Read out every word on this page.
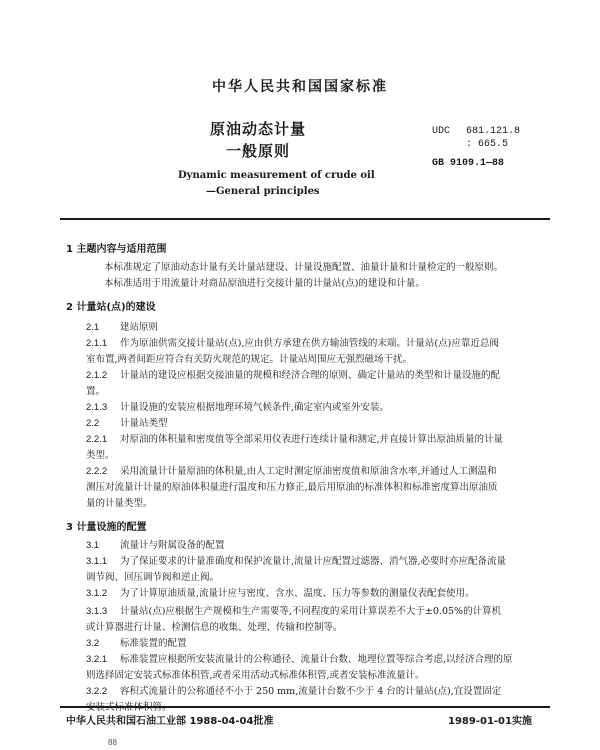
中华人民共和国国家标准
原油动态计量
一般原则
Dynamic measurement of crude oil
—General principles
UDC 681.121.8
: 665.5
GB 9109.1—88
1 主题内容与适用范围
本标准规定了原油动态计量有关计量站建设、计量设施配置、油量计量和计量检定的一般原则。
本标准适用于用流量计对商品原油进行交接计量的计量站(点)的建设和计量。
2 计量站(点)的建设
2.1 建站原则
2.1.1 作为原油供需交接计量站(点),应由供方承建在供方输油管线的末端。计量站(点)应靠近总阀
室布置,两者间距应符合有关防火规范的规定。计量站周围应无强烈磁场干扰。
2.1.2 计量站的建设应根据交接油量的规模和经济合理的原则、确定计量站的类型和计量设施的配
置。
2.1.3 计量设施的安装应根据地理环境气候条件,确定室内或室外安装。
2.2 计量站类型
2.2.1 对原油的体积量和密度值等全部采用仪表进行连续计量和测定,并直接计算出原油质量的计量
类型。
2.2.2 采用流量计计量原油的体积量,由人工定时测定原油密度值和原油含水率,并通过人工测温和
测压对流量计计量的原油体积量进行温度和压力修正,最后用原油的标准体积和标准密度算出原油质
量的计量类型。
3 计量设施的配置
3.1 流量计与附属设备的配置
3.1.1 为了保证要求的计量准确度和保护流量计,流量计应配置过滤器、消气器,必要时亦应配备流量
调节阀、回压调节阀和逆止阀。
3.1.2 为了计算原油质量,流量计应与密度、含水、温度、压力等参数的测量仪表配套使用。
3.1.3 计量站(点)应根据生产规模和生产需要等,不同程度的采用计算误差不大于±0.05%的计算机
或计算器进行计量、检测信息的收集、处理、传输和控制等。
3.2 标准装置的配置
3.2.1 标准装置应根据所安装流量计的公称通径、流量计台数、地理位置等综合考虑,以经济合理的原
则选择固定安装式标准体积管,或者采用活动式标准体积管,或者安装标准流量计。
3.2.2 容积式流量计的公称通径不小于 250 mm,流量计台数不少于 4 台的计量站(点),宜设置固定
安装式标准体积管。
中华人民共和国石油工业部 1988-04-04批准	1989-01-01实施
88
